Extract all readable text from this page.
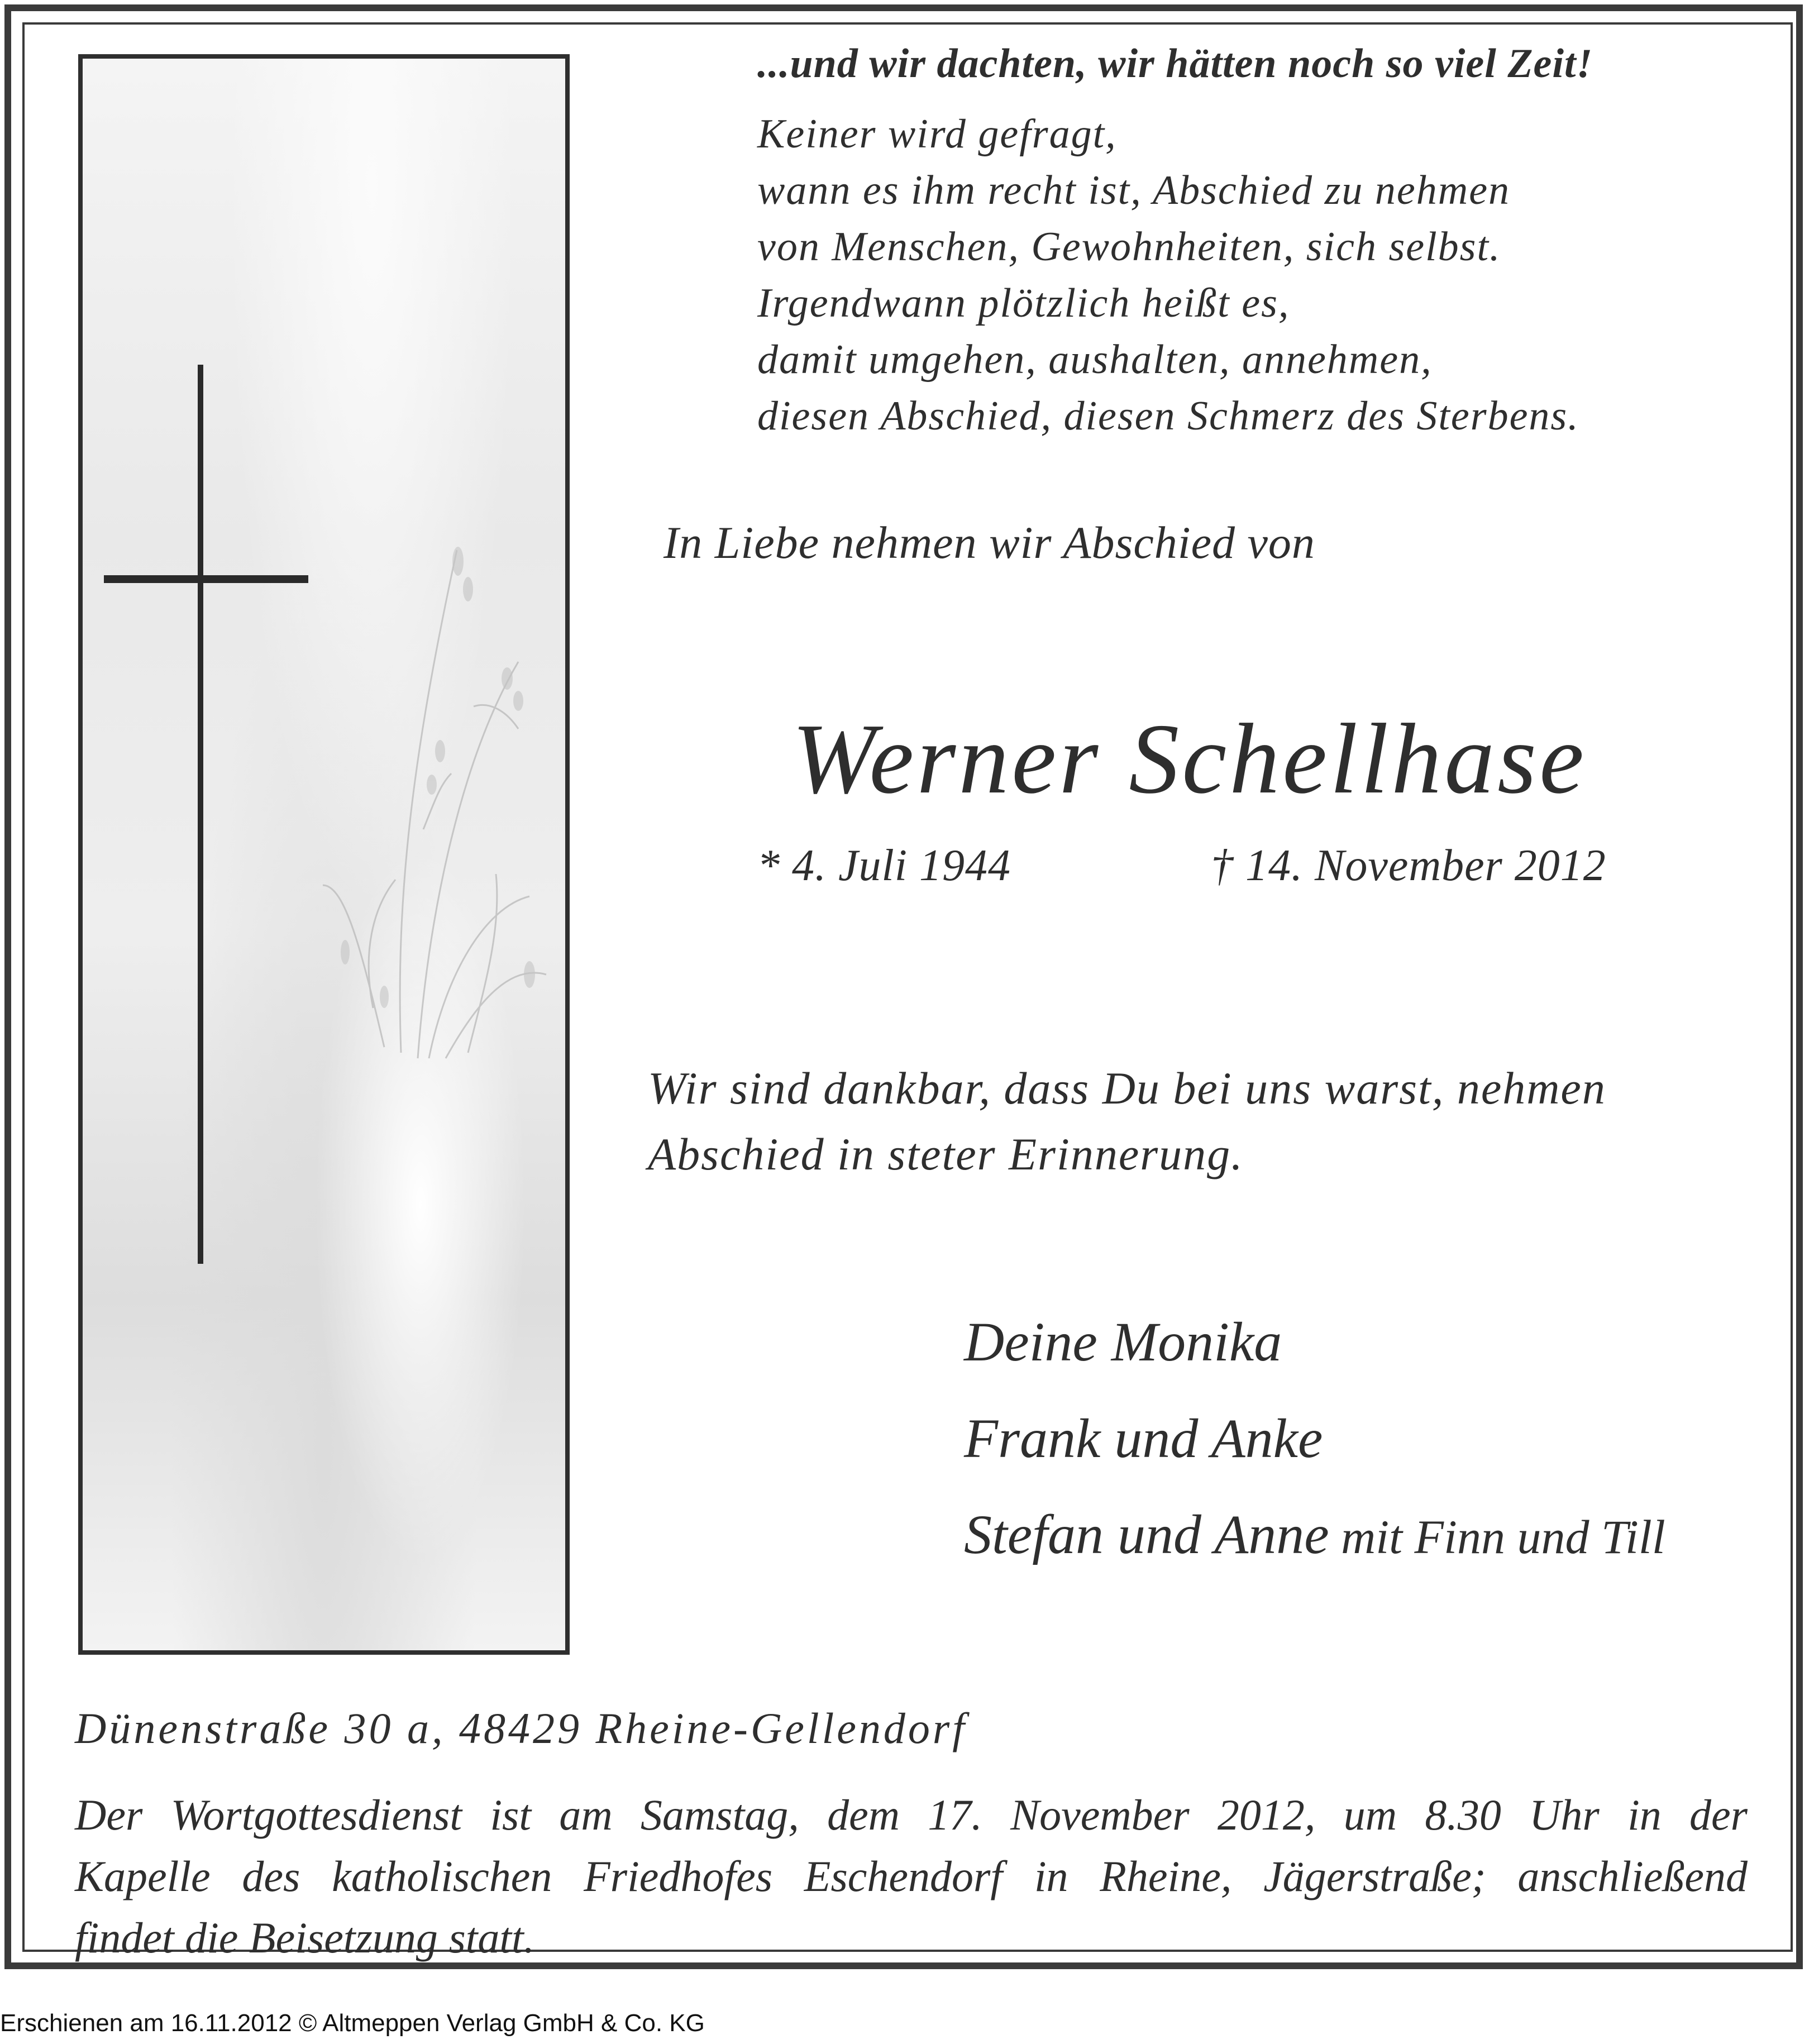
...und wir dachten, wir hätten noch so viel Zeit!

Keiner wird gefragt,
wann es ihm recht ist, Abschied zu nehmen
von Menschen, Gewohnheiten, sich selbst.
Irgendwann plötzlich heißt es,
damit umgehen, aushalten, annehmen,
diesen Abschied, diesen Schmerz des Sterbens.

In Liebe nehmen wir Abschied von

Werner Schellhase

* 4. Juli 1944	† 14. November 2012

Wir sind dankbar, dass Du bei uns warst, nehmen
Abschied in steter Erinnerung.

Deine Monika

Frank und Anke

Stefan und Anne mit Finn und Till

Dünenstraße 30 a, 48429 Rheine-Gellendorf

Der Wortgottesdienst ist am Samstag, dem 17. November 2012, um 8.30 Uhr in der
Kapelle des katholischen Friedhofes Eschendorf in Rheine, Jägerstraße; anschließend
findet die Beisetzung statt.

Erschienen am 16.11.2012 © Altmeppen Verlag GmbH & Co. KG
